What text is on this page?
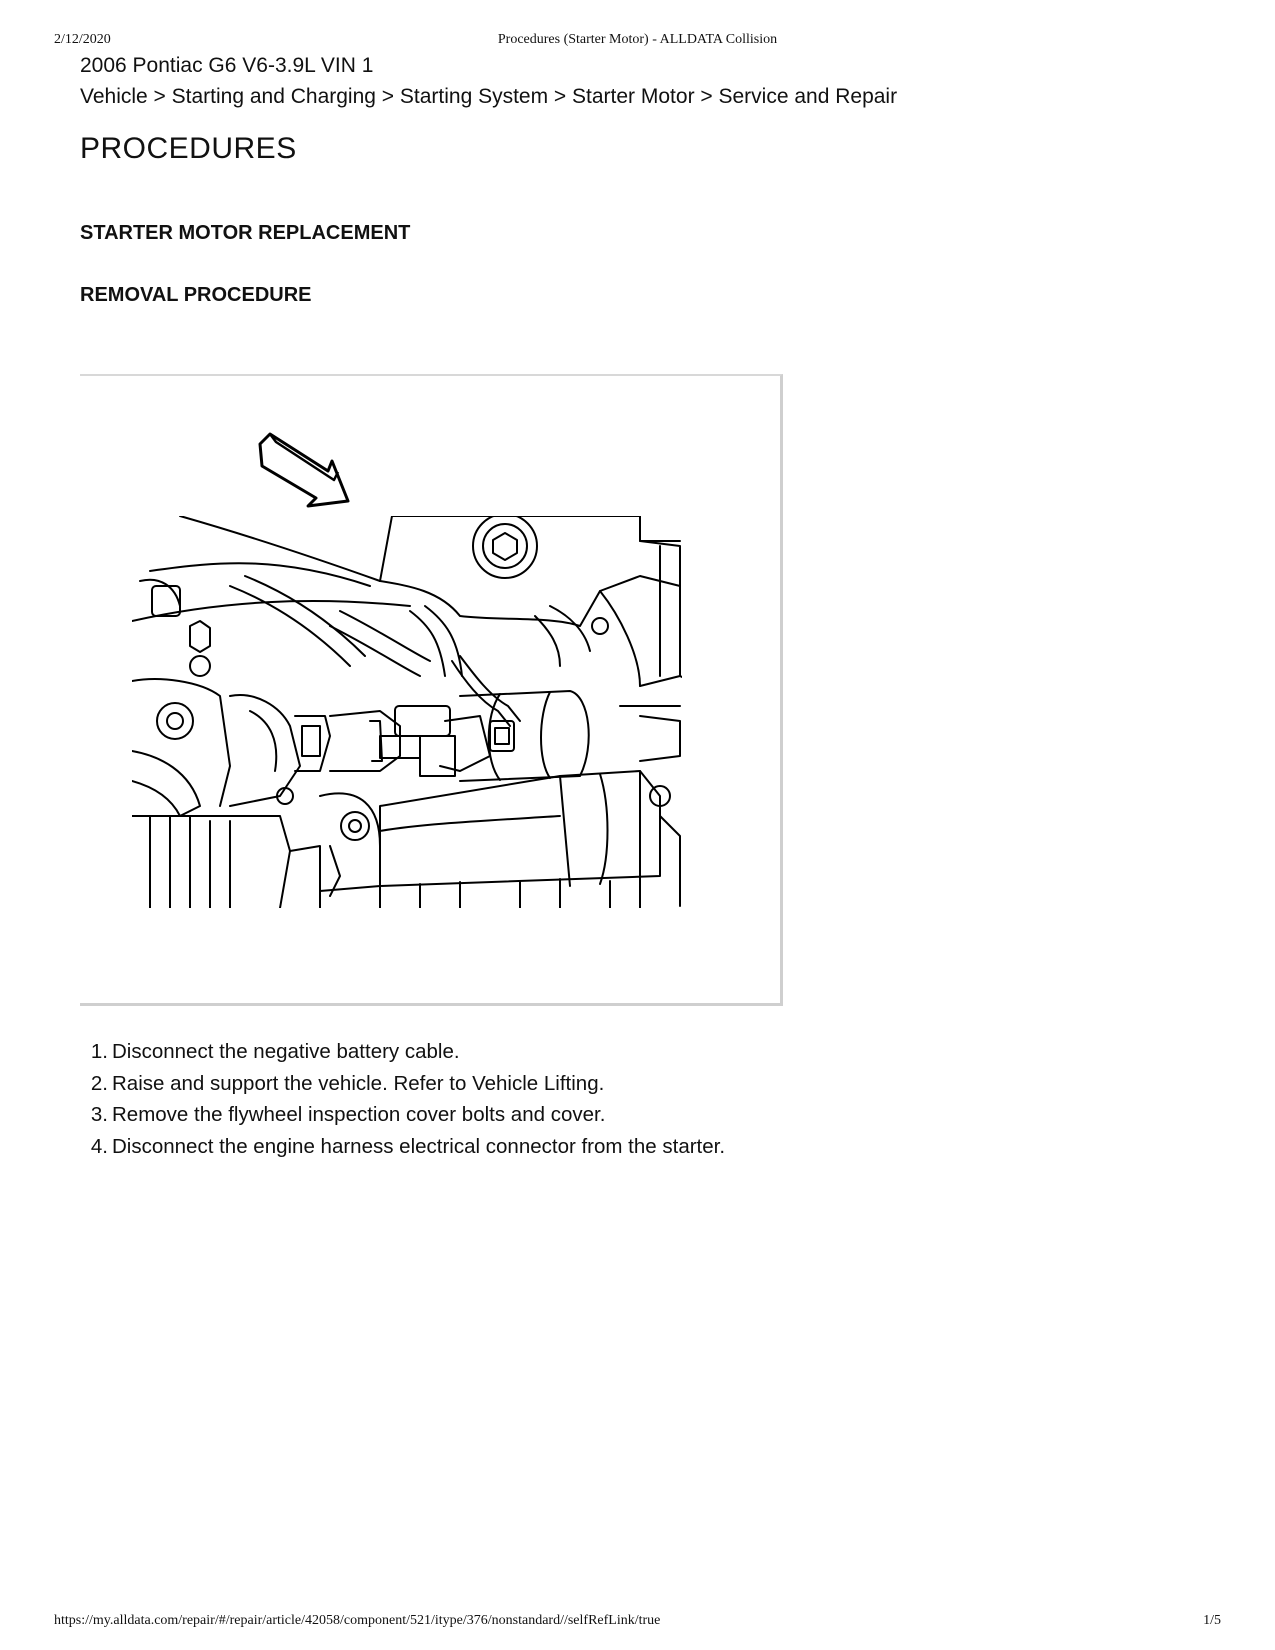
2/12/2020	Procedures (Starter Motor) - ALLDATA Collision
2006 Pontiac G6 V6-3.9L VIN 1
Vehicle > Starting and Charging > Starting System > Starter Motor > Service and Repair
PROCEDURES
STARTER MOTOR REPLACEMENT
REMOVAL PROCEDURE
1. Disconnect the negative battery cable.
2. Raise and support the vehicle. Refer to Vehicle Lifting.
3. Remove the flywheel inspection cover bolts and cover.
4. Disconnect the engine harness electrical connector from the starter.
https://my.alldata.com/repair/#/repair/article/42058/component/521/itype/376/nonstandard//selfRefLink/true	1/5
